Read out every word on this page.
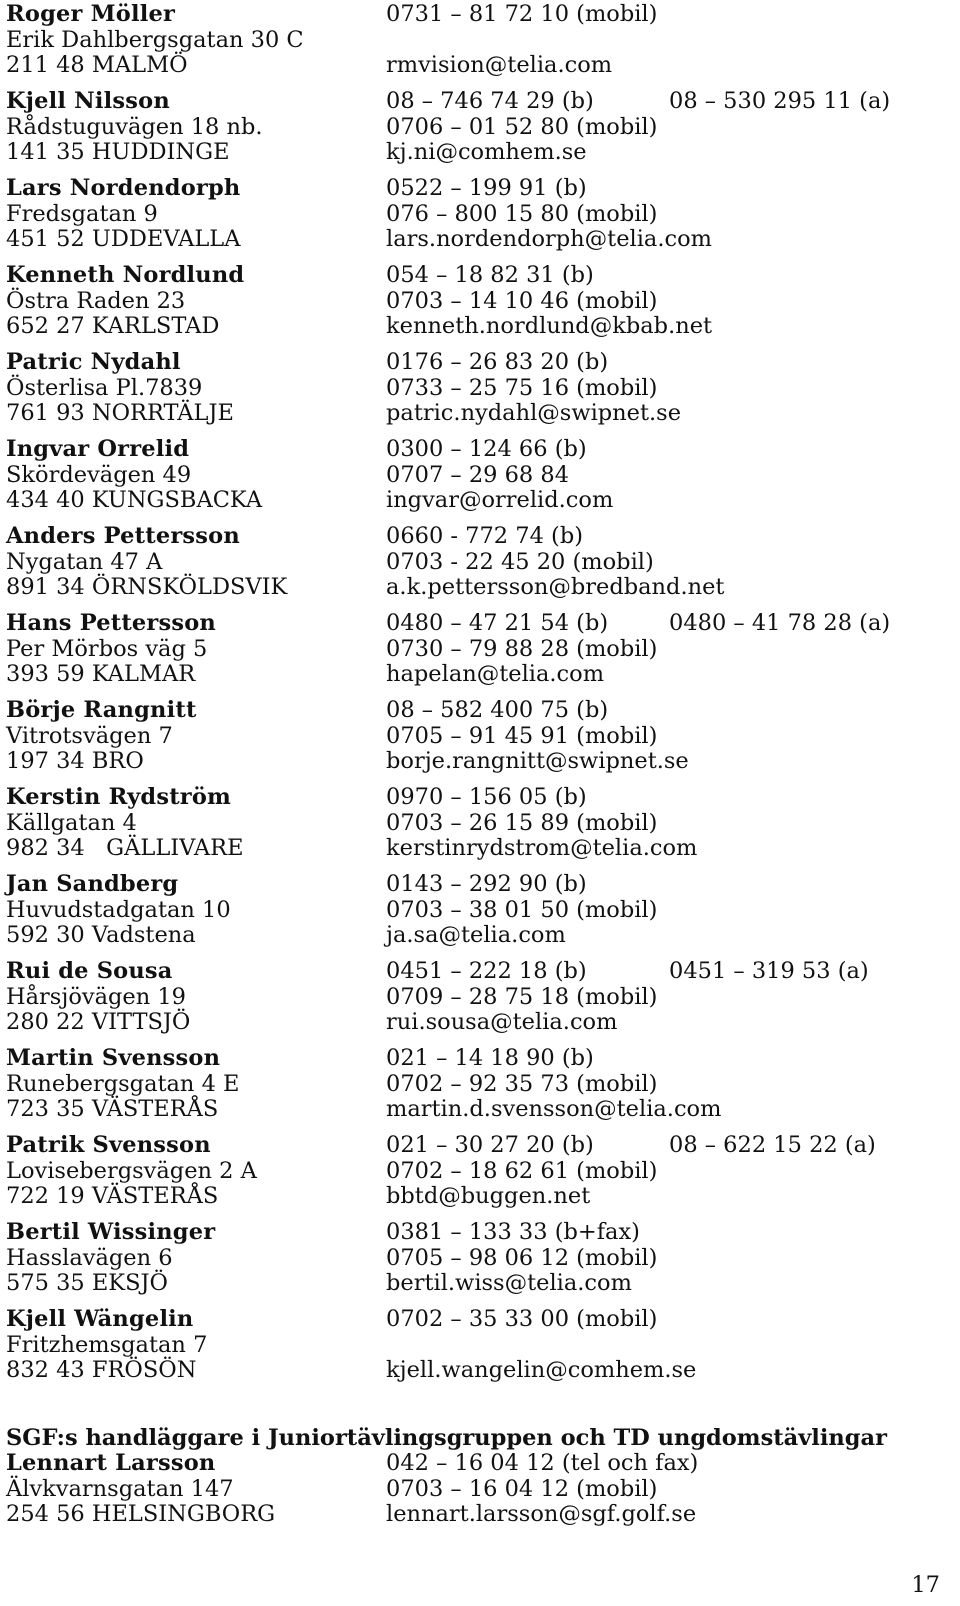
Roger Möller	0731 – 81 72 10 (mobil)
Erik Dahlbergsgatan 30 C
211 48 MALMÖ	rmvision@telia.com
Kjell Nilsson	08 – 746 74 29 (b)	08 – 530 295 11 (a)
Rådstuguvägen 18 nb.	0706 – 01 52 80 (mobil)
141 35 HUDDINGE	kj.ni@comhem.se
Lars Nordendorph	0522 – 199 91 (b)
Fredsgatan 9	076 – 800 15 80 (mobil)
451 52 UDDEVALLA	lars.nordendorph@telia.com
Kenneth Nordlund	054 – 18 82 31 (b)
Östra Raden 23	0703 – 14 10 46 (mobil)
652 27 KARLSTAD	kenneth.nordlund@kbab.net
Patric Nydahl	0176 – 26 83 20 (b)
Österlisa Pl.7839	0733 – 25 75 16 (mobil)
761 93 NORRTÄLJE	patric.nydahl@swipnet.se
Ingvar Orrelid	0300 – 124 66 (b)
Skördevägen 49	0707 – 29 68 84
434 40 KUNGSBACKA	ingvar@orrelid.com
Anders Pettersson	0660 - 772 74 (b)
Nygatan 47 A	0703 - 22 45 20 (mobil)
891 34 ÖRNSKÖLDSVIK	a.k.pettersson@bredband.net
Hans Pettersson	0480 – 47 21 54 (b)	0480 – 41 78 28 (a)
Per Mörbos väg 5	0730 – 79 88 28 (mobil)
393 59 KALMAR	hapelan@telia.com
Börje Rangnitt	08 – 582 400 75 (b)
Vitrotsvägen 7	0705 – 91 45 91 (mobil)
197 34 BRO	borje.rangnitt@swipnet.se
Kerstin Rydström	0970 – 156 05 (b)
Källgatan 4	0703 – 26 15 89 (mobil)
982 34   GÄLLIVARE	kerstinrydstrom@telia.com
Jan Sandberg	0143 – 292 90 (b)
Huvudstadgatan 10	0703 – 38 01 50 (mobil)
592 30 Vadstena	ja.sa@telia.com
Rui de Sousa	0451 – 222 18 (b)	0451 – 319 53 (a)
Hårsjövägen 19	0709 – 28 75 18 (mobil)
280 22 VITTSJÖ	rui.sousa@telia.com
Martin Svensson	021 – 14 18 90 (b)
Runebergsgatan 4 E	0702 – 92 35 73 (mobil)
723 35 VÄSTERÅS	martin.d.svensson@telia.com
Patrik Svensson	021 – 30 27 20 (b)	08 – 622 15 22 (a)
Lovisebergsvägen 2 A	0702 – 18 62 61 (mobil)
722 19 VÄSTERÅS	bbtd@buggen.net
Bertil Wissinger	0381 – 133 33 (b+fax)
Hasslavägen 6	0705 – 98 06 12 (mobil)
575 35 EKSJÖ	bertil.wiss@telia.com
Kjell Wängelin	0702 – 35 33 00 (mobil)
Fritzhemsgatan 7
832 43 FRÖSÖN	kjell.wangelin@comhem.se
SGF:s handläggare i Juniortävlingsgruppen och TD ungdomstävlingar
Lennart Larsson	042 – 16 04 12 (tel och fax)
Älvkvarnsgatan 147	0703 – 16 04 12 (mobil)
254 56 HELSINGBORG	lennart.larsson@sgf.golf.se
17
